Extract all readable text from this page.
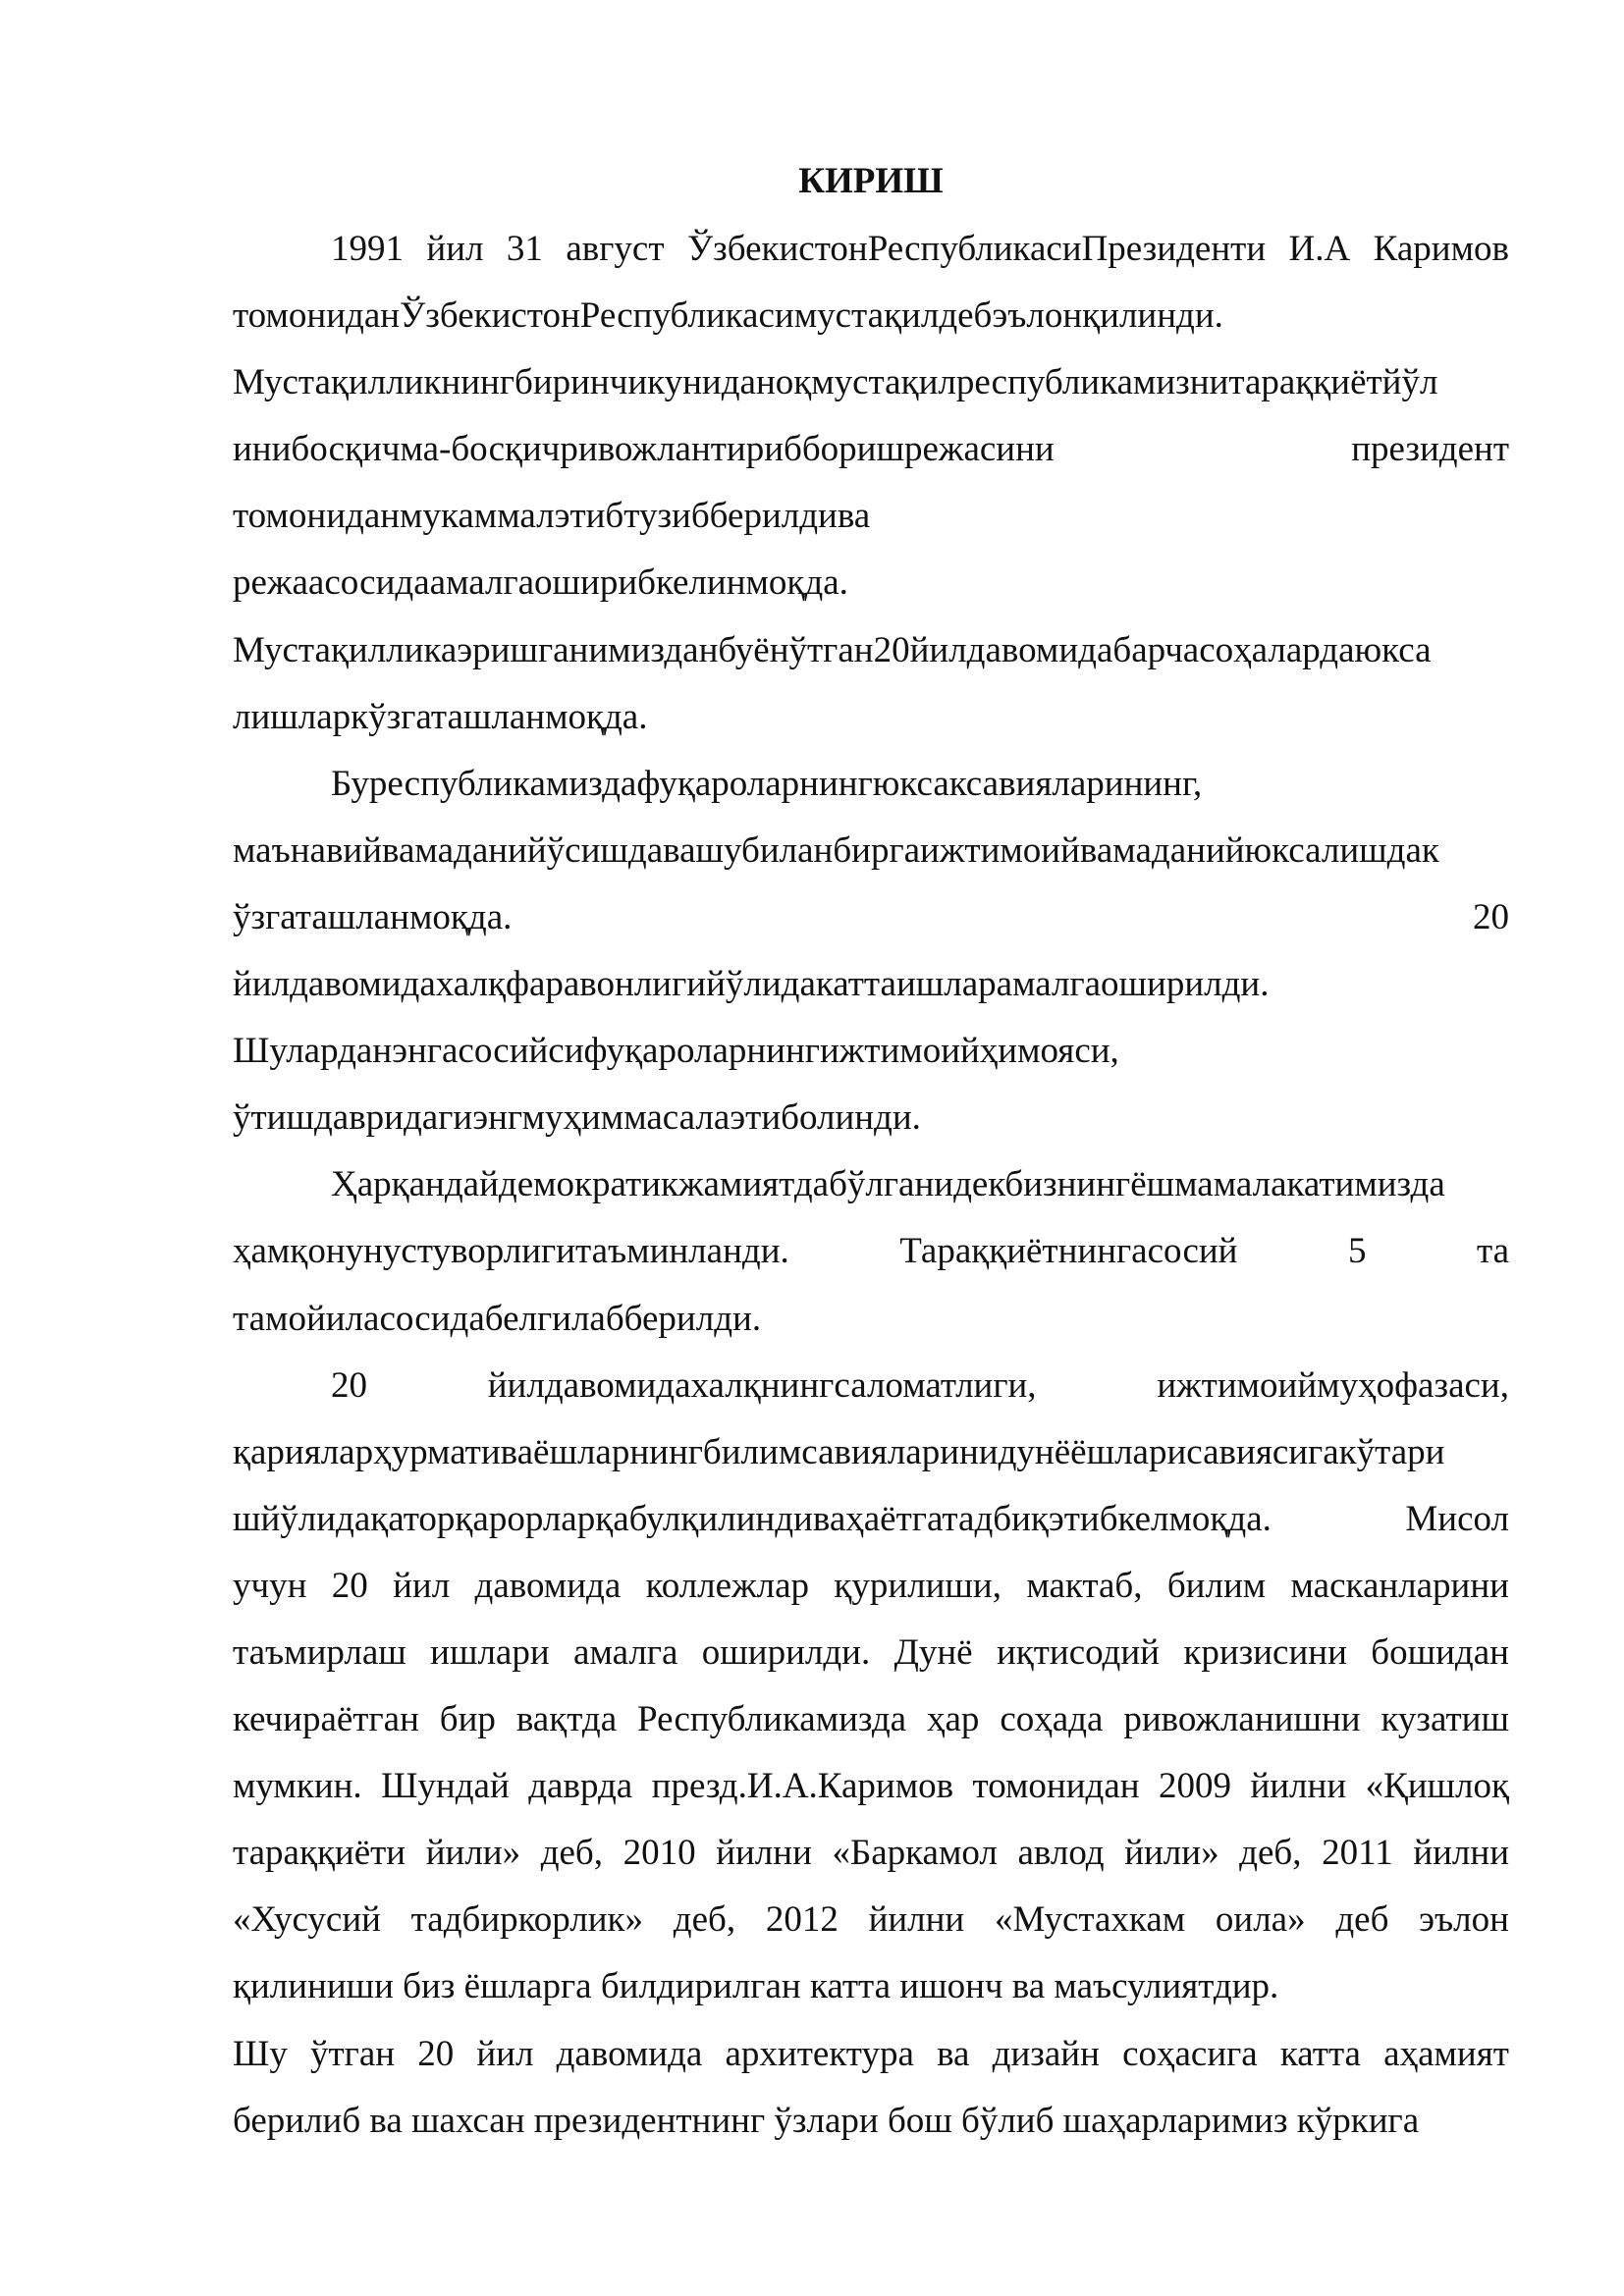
КИРИШ
1991 йил 31 август ЎзбекистонРеспубликасиПрезиденти И.А Каримов
томониданЎзбекистонРеспубликасимустақилдебэълонқилинди.
Мустақилликнингбиринчикуниданоқмустақилреспубликамизнитараққиётйўл
инибосқичма-босқичривожлантирибборишрежасини	президент
томониданмукаммалэтибтузибберилдива
режаасосидаамалгаоширибкелинмоқда.
Мустақилликаэришганимизданбуёнўтган20йилдавомидабарчасоҳалардаюкса
лишларкўзгаташланмоқда.
Буреспубликамиздафуқароларнингюксаксавияларининг,
маънавийвамаданийўсишдавашубиланбиргаижтимоийвамаданийюксалишдак
ўзгаташланмоқда.	20
йилдавомидахалқфаравонлигийўлидакаттаишларамалгаоширилди.
Шуларданэнгасосийсифуқароларнингижтимоийҳимояси,
ўтишдавридагиэнгмуҳиммасалаэтиболинди.
Ҳарқандайдемократикжамиятдабўлганидекбизнингёшмамалакатимизда
ҳамқонунустуворлигитаъминланди.	Тараққиётнингасосий	5	та
тамойиласосидабелгилабберилди.
20	йилдавомидахалқнингсаломатлиги,	ижтимоиймуҳофазаси,
қарияларҳурмативаёшларнингбилимсавияларинидунёёшларисавиясигакўтари
шйўлидақаторқарорларқабулқилиндиваҳаётгатадбиқэтибкелмоқда.	Мисол
учун 20 йил давомида коллежлар қурилиши, мактаб, билим масканларини
таъмирлаш ишлари амалга оширилди. Дунё иқтисодий кризисини бошидан
кечираётган бир вақтда Республикамизда ҳар соҳада ривожланишни кузатиш
мумкин. Шундай даврда презд.И.А.Каримов томонидан 2009 йилни «Қишлоқ
тараққиёти йили» деб, 2010 йилни «Баркамол авлод йили» деб, 2011 йилни
«Хусусий тадбиркорлик» деб, 2012 йилни «Мустахкам оила» деб эълон
қилиниши биз ёшларга билдирилган катта ишонч ва маъсулиятдир.
Шу ўтган 20 йил давомида архитектура ва дизайн соҳасига катта аҳамият
берилиб ва шахсан президентнинг ўзлари бош бўлиб шаҳарларимиз кўркига
